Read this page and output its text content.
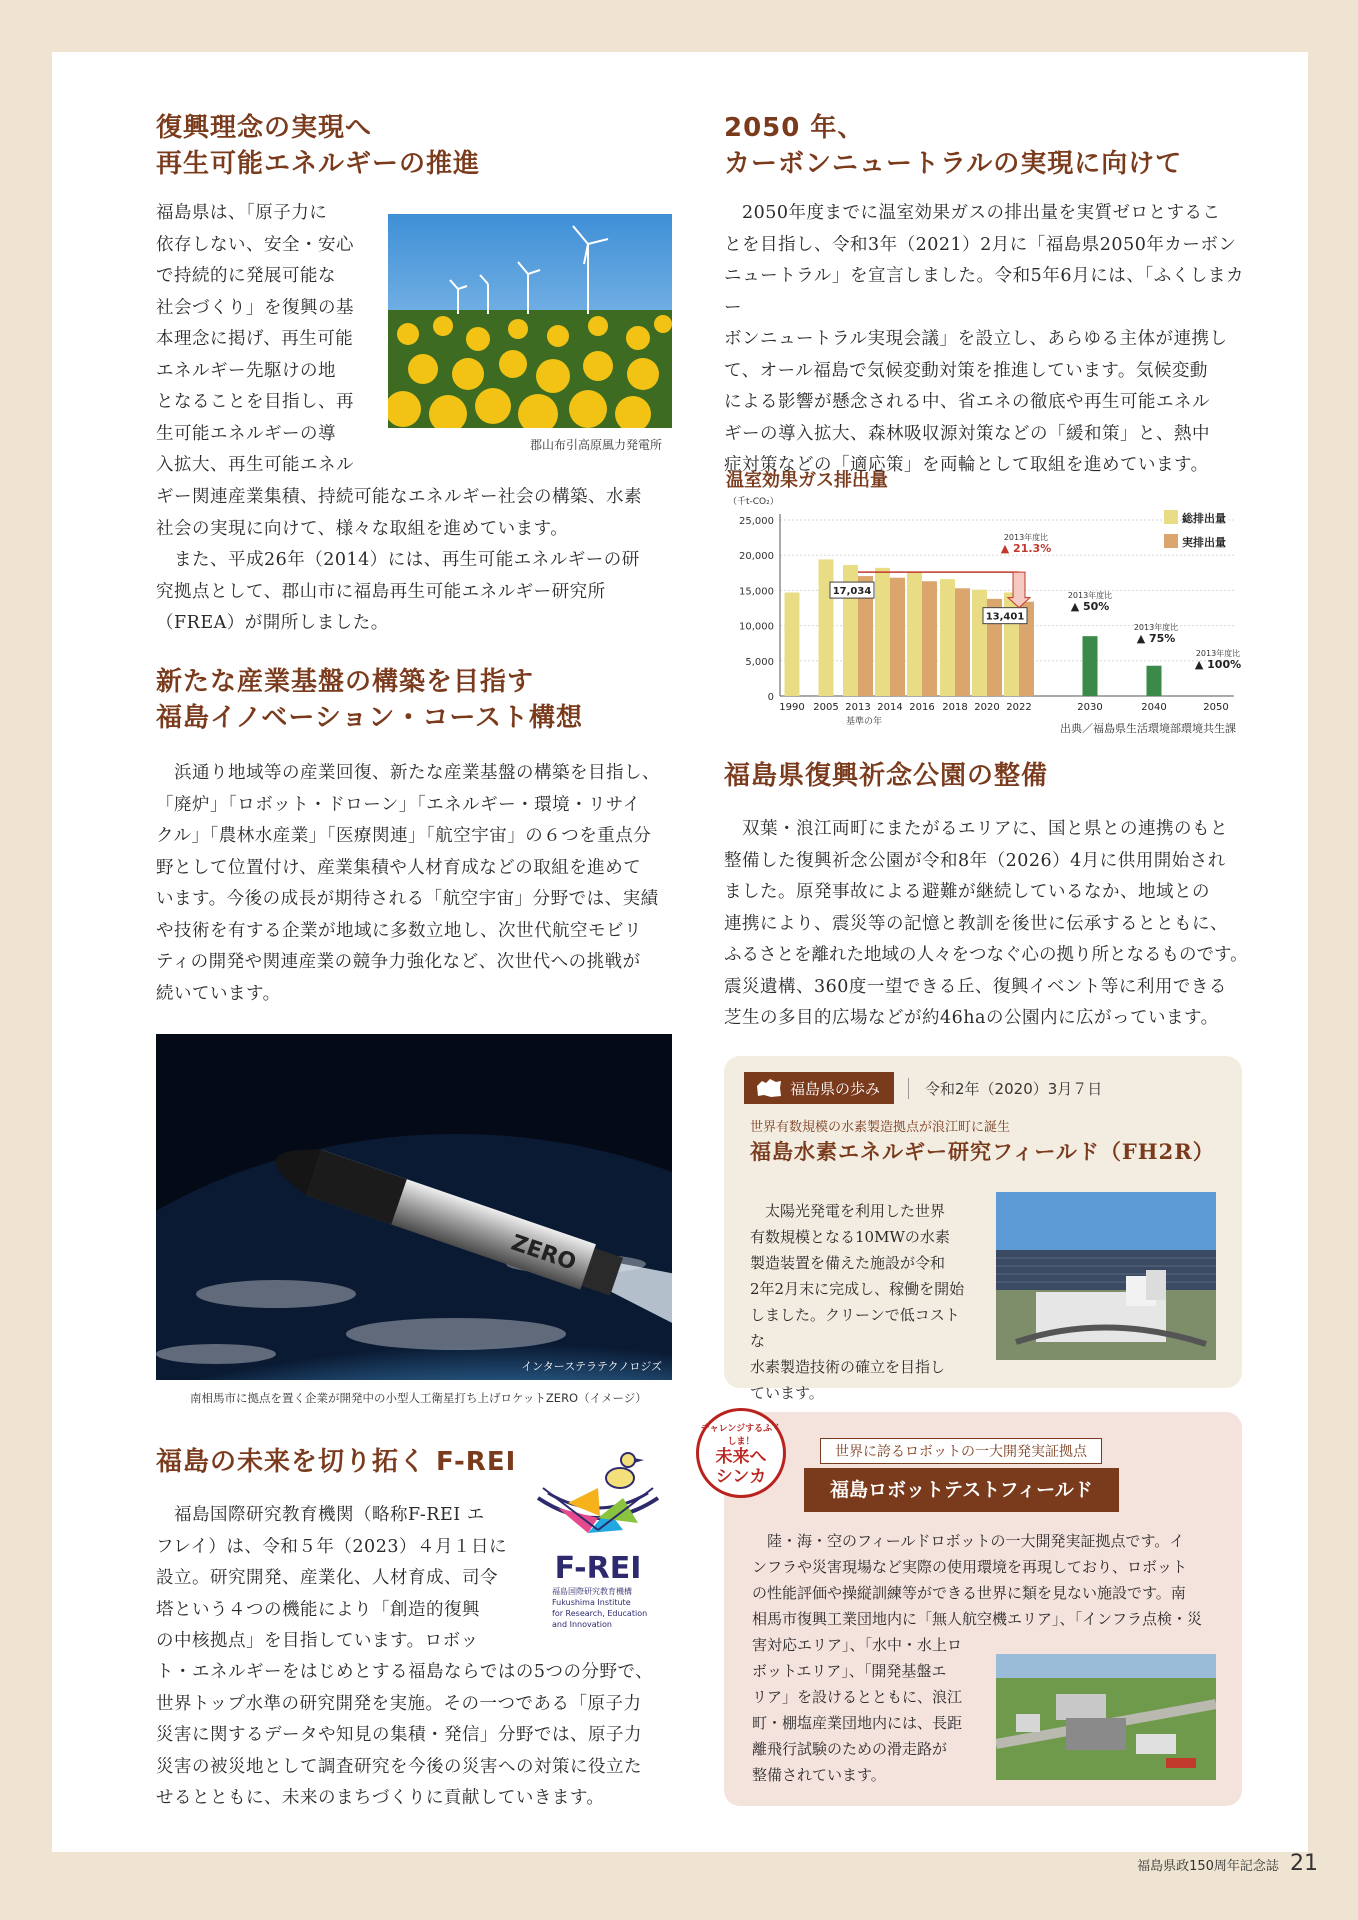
復興理念の実現へ
再生可能エネルギーの推進
福島県は、「原子力に
依存しない、安全・安心
で持続的に発展可能な
社会づくり」を復興の基
本理念に掲げ、再生可能
エネルギー先駆けの地
となることを目指し、再
生可能エネルギーの導
入拡大、再生可能エネル
郡山布引高原風力発電所
ギー関連産業集積、持続可能なエネルギー社会の構築、水素
社会の実現に向けて、様々な取組を進めています。
　また、平成26年（2014）には、再生可能エネルギーの研
究拠点として、郡山市に福島再生可能エネルギー研究所
（FREA）が開所しました。
新たな産業基盤の構築を目指す
福島イノベーション・コースト構想
　浜通り地域等の産業回復、新たな産業基盤の構築を目指し、
「廃炉」「ロボット・ドローン」「エネルギー・環境・リサイ
クル」「農林水産業」「医療関連」「航空宇宙」の６つを重点分
野として位置付け、産業集積や人材育成などの取組を進めて
います。今後の成長が期待される「航空宇宙」分野では、実績
や技術を有する企業が地域に多数立地し、次世代航空モビリ
ティの開発や関連産業の競争力強化など、次世代への挑戦が
続いています。
ZERO
インターステラテクノロジズ
南相馬市に拠点を置く企業が開発中の小型人工衛星打ち上げロケットZERO（イメージ）
福島の未来を切り拓く F-REI
　福島国際研究教育機関（略称F-REI エ
フレイ）は、令和５年（2023）４月１日に
設立。研究開発、産業化、人材育成、司令
塔という４つの機能により「創造的復興
の中核拠点」を目指しています。ロボッ
ト・エネルギーをはじめとする福島ならではの5つの分野で、
世界トップ水準の研究開発を実施。その一つである「原子力
災害に関するデータや知見の集積・発信」分野では、原子力
災害の被災地として調査研究を今後の災害への対策に役立た
せるとともに、未来のまちづくりに貢献していきます。
F-REI
福島国際研究教育機構
Fukushima Institute
for Research, Education
and Innovation
2050 年、
カーボンニュートラルの実現に向けて
　2050年度までに温室効果ガスの排出量を実質ゼロとするこ
とを目指し、令和3年（2021）2月に「福島県2050年カーボン
ニュートラル」を宣言しました。令和5年6月には、「ふくしまカー
ボンニュートラル実現会議」を設立し、あらゆる主体が連携し
て、オール福島で気候変動対策を推進しています。気候変動
による影響が懸念される中、省エネの徹底や再生可能エネル
ギーの導入拡大、森林吸収源対策などの「緩和策」と、熱中
症対策などの「適応策」を両輪として取組を進めています。
温室効果ガス排出量
0
5,000
10,000
15,000
20,000
25,000
（千t-CO₂）
1990 2005 2013 2014 2016 2018 2020 2022	2030	2040	2050
基準の年
17,034
13,401
2013年度比
▲ 21.3%
2013年度比
▲ 50%
2013年度比
▲ 75%
2013年度比
▲ 100%
総排出量
実排出量
出典／福島県生活環境部環境共生課
福島県復興祈念公園の整備
　双葉・浪江両町にまたがるエリアに、国と県との連携のもと
整備した復興祈念公園が令和8年（2026）4月に供用開始され
ました。原発事故による避難が継続しているなか、地域との
連携により、震災等の記憶と教訓を後世に伝承するとともに、
ふるさとを離れた地域の人々をつなぐ心の拠り所となるものです。
震災遺構、360度一望できる丘、復興イベント等に利用できる
芝生の多目的広場などが約46haの公園内に広がっています。
福島県の歩み	令和2年（2020）3月７日
世界有数規模の水素製造拠点が浪江町に誕生
福島水素エネルギー研究フィールド（FH2R）
　太陽光発電を利用した世界
有数規模となる10MWの水素
製造装置を備えた施設が令和
2年2月末に完成し、稼働を開始
しました。クリーンで低コストな
水素製造技術の確立を目指し
ています。
世界に誇るロボットの一大開発実証拠点
福島ロボットテストフィールド
　陸・海・空のフィールドロボットの一大開発実証拠点です。イ
ンフラや災害現場など実際の使用環境を再現しており、ロボット
の性能評価や操縦訓練等ができる世界に類を見ない施設です。南
相馬市復興工業団地内に「無人航空機エリア」、「インフラ点検・災
害対応エリア」、「水中・水上ロ
ボットエリア」、「開発基盤エ
リア」を設けるとともに、浪江
町・棚塩産業団地内には、長距
離飛行試験のための滑走路が
整備されています。
チャレンジするふくしま！
未来へ
シンカ
福島県政150周年記念誌 21
